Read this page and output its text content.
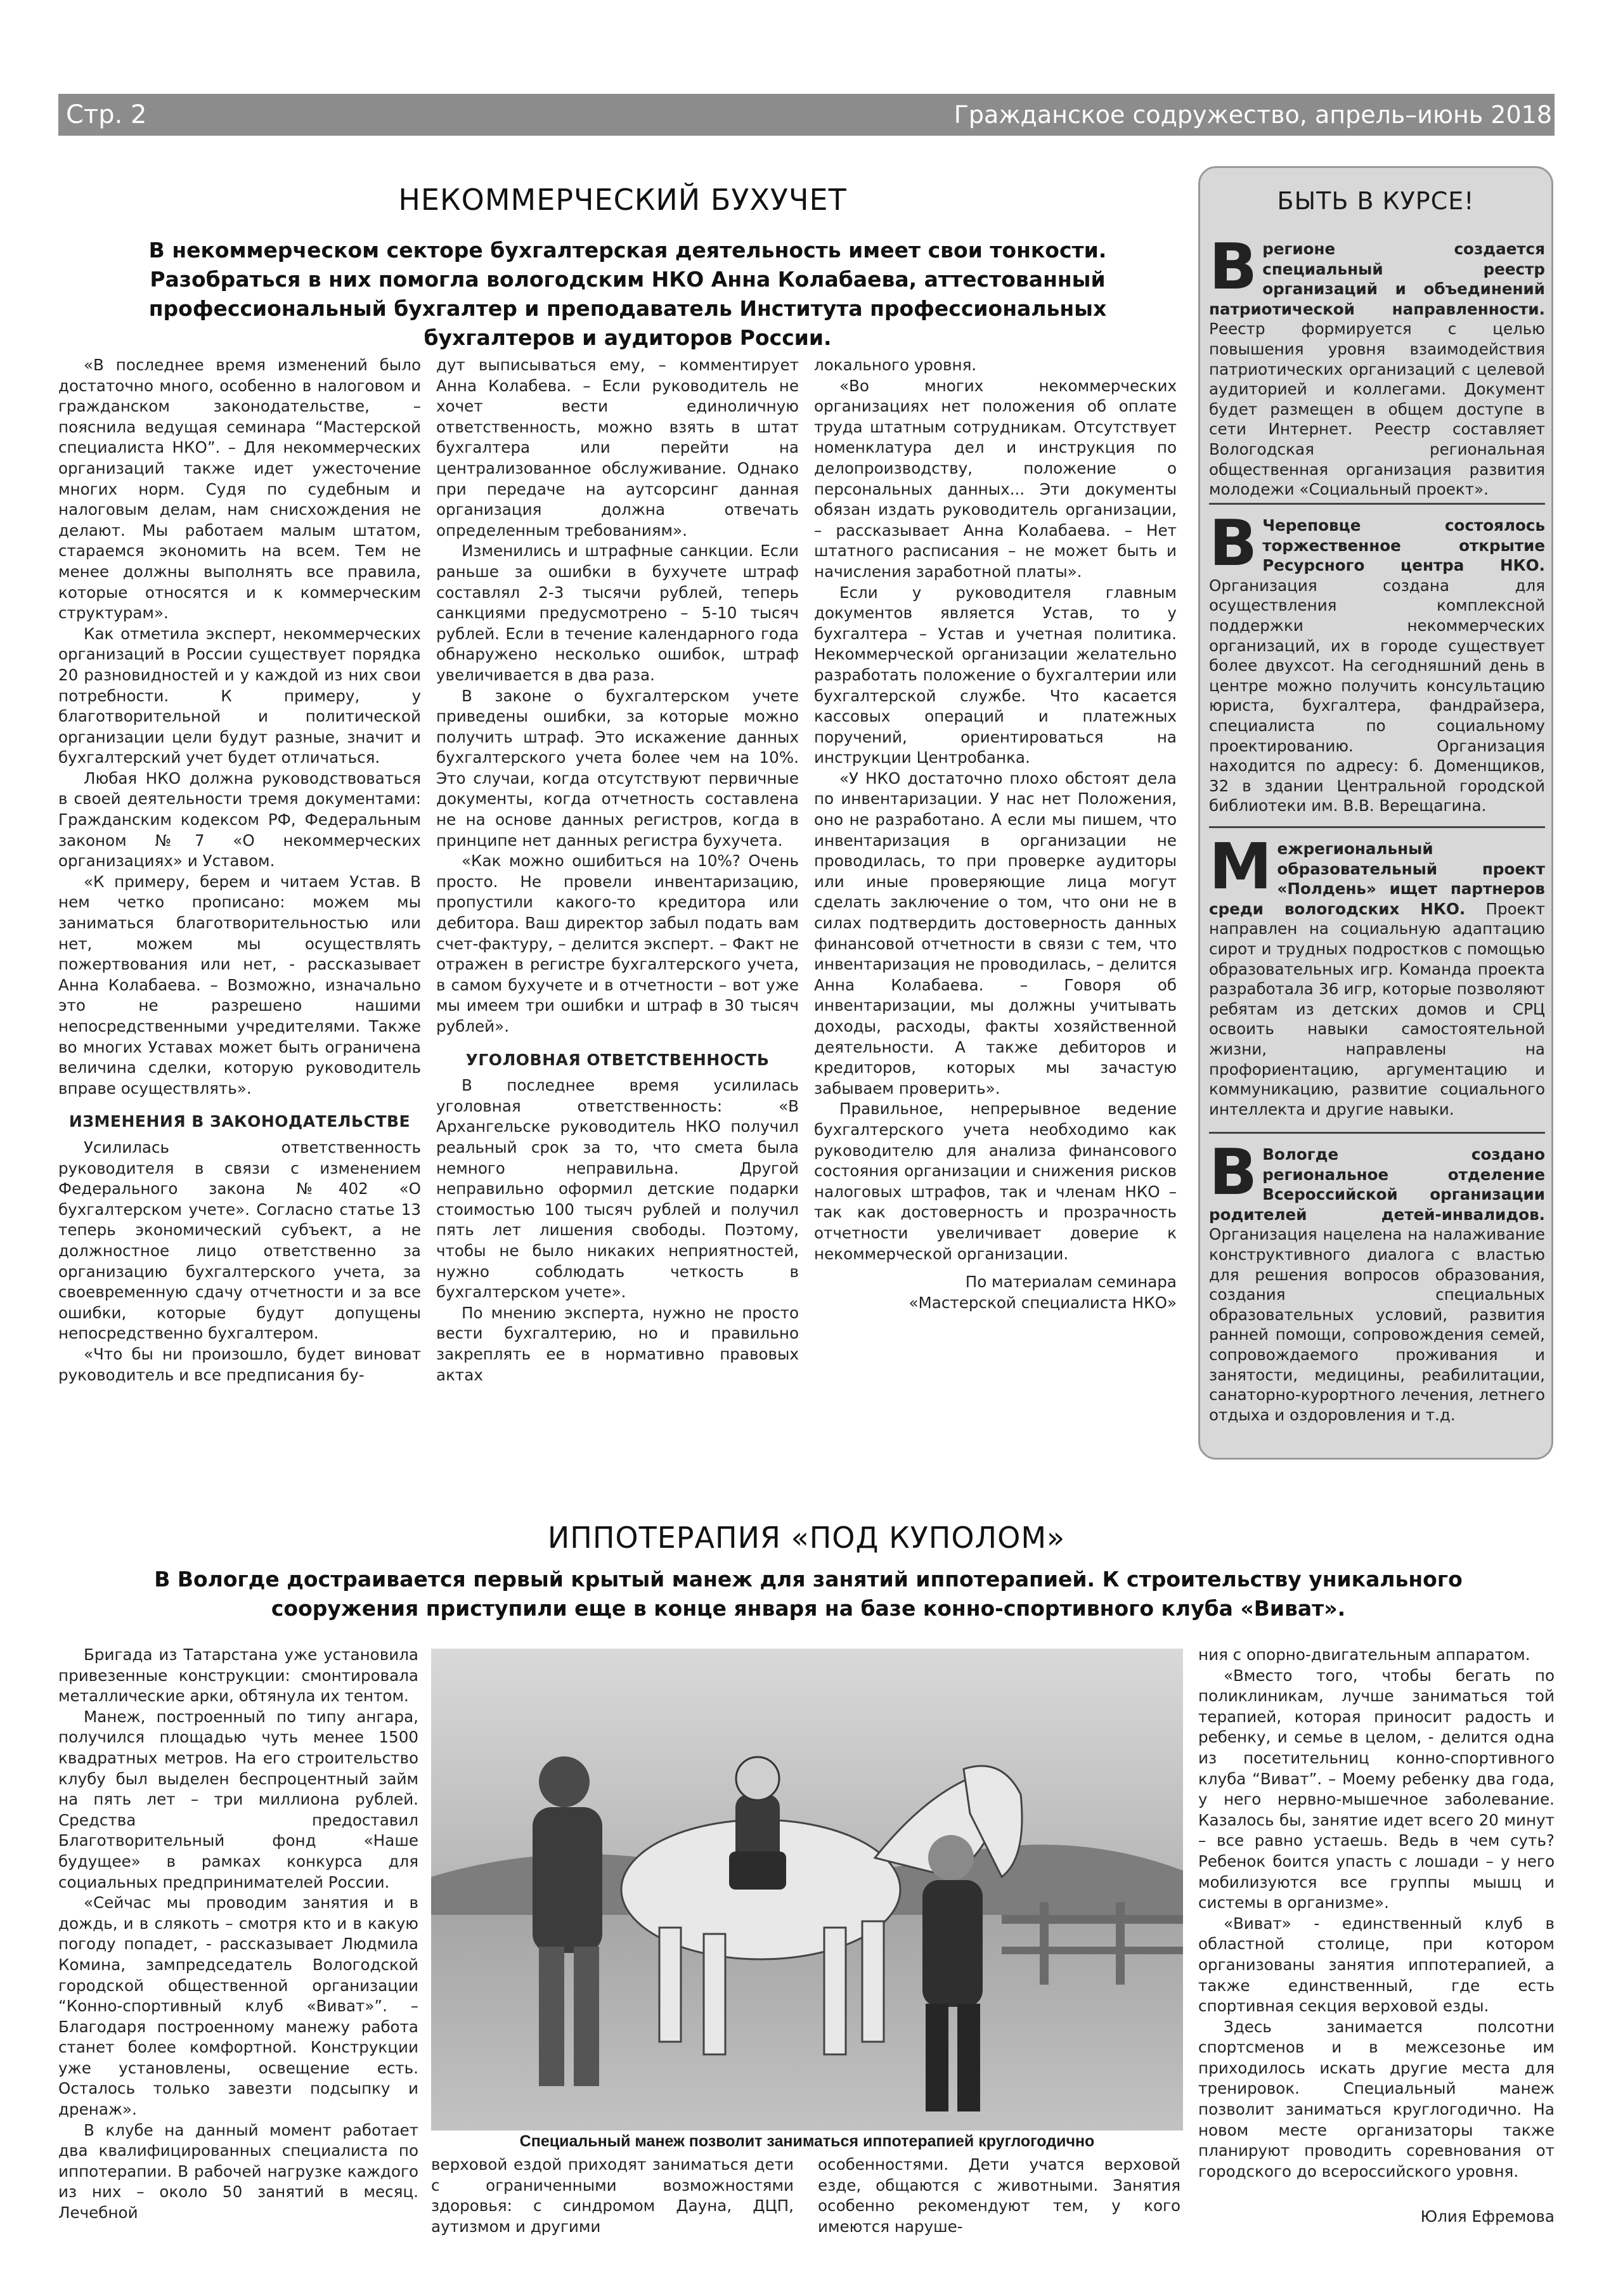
Стр. 2	Гражданское содружество, апрель–июнь 2018
НЕКОММЕРЧЕСКИЙ БУХУЧЕТ
В некоммерческом секторе бухгалтерская деятельность имеет свои тонкости. Разобраться в них помогла вологодским НКО Анна Колабаева, аттестованный профессиональный бухгалтер и преподаватель Института профессиональных бухгалтеров и аудиторов России.

«В последнее время изменений было достаточно много, особенно в налоговом и гражданском законодательстве, – пояснила ведущая семинара “Мастерской специалиста НКО”. – Для некоммерческих организаций также идет ужесточение многих норм. Судя по судебным и налоговым делам, нам снисхождения не делают. Мы работаем малым штатом, стараемся экономить на всем. Тем не менее должны выполнять все правила, которые относятся и к коммерческим структурам».

Как отметила эксперт, некоммерческих организаций в России существует порядка 20 разновидностей и у каждой из них свои потребности. К примеру, у благотворительной и политической организации цели будут разные, значит и бухгалтерский учет будет отличаться.

Любая НКО должна руководствоваться в своей деятельности тремя документами: Гражданским кодексом РФ, Федеральным законом №7 «О некоммерческих организациях» и Уставом.

«К примеру, берем и читаем Устав. В нем четко прописано: можем мы заниматься благотворительностью или нет, можем мы осуществлять пожертвования или нет, - рассказывает Анна Колабаева. – Возможно, изначально это не разрешено нашими непосредственными учредителями. Также во многих Уставах может быть ограничена величина сделки, которую руководитель вправе осуществлять».

ИЗМЕНЕНИЯ В ЗАКОНОДАТЕЛЬСТВЕ

Усилилась ответственность руководителя в связи с изменением Федерального закона №402 «О бухгалтерском учете». Согласно статье 13 теперь экономический субъект, а не должностное лицо ответственно за организацию бухгалтерского учета, за своевременную сдачу отчетности и за все ошибки, которые будут допущены непосредственно бухгалтером.

«Что бы ни произошло, будет виноват руководитель и все предписания бу-

дут выписываться ему, – комментирует Анна Колабева. – Если руководитель не хочет вести единоличную ответственность, можно взять в штат бухгалтера или перейти на централизованное обслуживание. Однако при передаче на аутсорсинг данная организация должна отвечать определенным требованиям».

Изменились и штрафные санкции. Если раньше за ошибки в бухучете штраф составлял 2-3 тысячи рублей, теперь санкциями предусмотрено – 5-10 тысяч рублей. Если в течение календарного года обнаружено несколько ошибок, штраф увеличивается в два раза.

В законе о бухгалтерском учете приведены ошибки, за которые можно получить штраф. Это искажение данных бухгалтерского учета более чем на 10%. Это случаи, когда отсутствуют первичные документы, когда отчетность составлена не на основе данных регистров, когда в принципе нет данных регистра бухучета.

«Как можно ошибиться на 10%? Очень просто. Не провели инвентаризацию, пропустили какого-то кредитора или дебитора. Ваш директор забыл подать вам счет-фактуру, – делится эксперт. – Факт не отражен в регистре бухгалтерского учета, в самом бухучете и в отчетности – вот уже мы имеем три ошибки и штраф в 30 тысяч рублей».

УГОЛОВНАЯ ОТВЕТСТВЕННОСТЬ

В последнее время усилилась уголовная ответственность: «В Архангельске руководитель НКО получил реальный срок за то, что смета была немного неправильна. Другой неправильно оформил детские подарки стоимостью 100 тысяч рублей и получил пять лет лишения свободы. Поэтому, чтобы не было никаких неприятностей, нужно соблюдать четкость в бухгалтерском учете».

По мнению эксперта, нужно не просто вести бухгалтерию, но и правильно закреплять ее в нормативно правовых актах

локального уровня.

«Во многих некоммерческих организациях нет положения об оплате труда штатным сотрудникам. Отсутствует номенклатура дел и инструкция по делопроизводству, положение о персональных данных... Эти документы обязан издать руководитель организации, – рассказывает Анна Колабаева. – Нет штатного расписания – не может быть и начисления заработной платы».

Если у руководителя главным документов является Устав, то у бухгалтера – Устав и учетная политика. Некоммерческой организации желательно разработать положение о бухгалтерии или бухгалтерской службе. Что касается кассовых операций и платежных поручений, ориентироваться на инструкции Центробанка.

«У НКО достаточно плохо обстоят дела по инвентаризации. У нас нет Положения, оно не разработано. А если мы пишем, что инвентаризация в организации не проводилась, то при проверке аудиторы или иные проверяющие лица могут сделать заключение о том, что они не в силах подтвердить достоверность данных финансовой отчетности в связи с тем, что инвентаризация не проводилась, – делится Анна Колабаева. – Говоря об инвентаризации, мы должны учитывать доходы, расходы, факты хозяйственной деятельности. А также дебиторов и кредиторов, которых мы зачастую забываем проверить».

Правильное, непрерывное ведение бухгалтерского учета необходимо как руководителю для анализа финансового состояния организации и снижения рисков налоговых штрафов, так и членам НКО – так как достоверность и прозрачность отчетности увеличивает доверие к некоммерческой организации.

По материалам семинара

«Мастерской специалиста НКО»

БЫТЬ В КУРСЕ!
В регионе создается специальный реестр организаций и объединений патриотической направленности. Реестр формируется с целью повышения уровня взаимодействия патриотических организаций с целевой аудиторией и коллегами. Документ будет размещен в общем доступе в сети Интернет. Реестр составляет Вологодская региональная общественная организация развития молодежи «Социальный проект».
В Череповце состоялось торжественное открытие Ресурсного центра НКО. Организация создана для осуществления комплексной поддержки некоммерческих организаций, их в городе существует более двухсот. На сегодняшний день в центре можно получить консультацию юриста, бухгалтера, фандрайзера, специалиста по социальному проектированию. Организация находится по адресу: б. Доменщиков, 32 в здании Центральной городской библиотеки им. В.В. Верещагина.
М ежрегиональный образовательный проект «Полдень» ищет партнеров среди вологодских НКО. Проект направлен на социальную адаптацию сирот и трудных подростков с помощью образовательных игр. Команда проекта разработала 36 игр, которые позволяют ребятам из детских домов и СРЦ освоить навыки самостоятельной жизни, направлены на профориентацию, аргументацию и коммуникацию, развитие социального интеллекта и другие навыки.
В Вологде создано региональное отделение Всероссийской организации родителей детей-инвалидов. Организация нацелена на налаживание конструктивного диалога с властью для решения вопросов образования, создания специальных образовательных условий, развития ранней помощи, сопровождения семей, сопровождаемого проживания и занятости, медицины, реабилитации, санаторно-курортного лечения, летнего отдыха и оздоровления и т.д.
ИППОТЕРАПИЯ «ПОД КУПОЛОМ»
В Вологде достраивается первый крытый манеж для занятий иппотерапией. К строительству уникального сооружения приступили еще в конце января на базе конно-спортивного клуба «Виват».

Бригада из Татарстана уже установила привезенные конструкции: смонтировала металлические арки, обтянула их тентом.

Манеж, построенный по типу ангара, получился площадью чуть менее 1500 квадратных метров. На его строительство клубу был выделен беспроцентный займ на пять лет – три миллиона рублей. Средства предоставил Благотворительный фонд «Наше будущее» в рамках конкурса для социальных предпринимателей России.

«Сейчас мы проводим занятия и в дождь, и в слякоть – смотря кто и в какую погоду попадет, - рассказывает Людмила Комина, зампредседатель Вологодской городской общественной организации “Конно-спортивный клуб «Виват»”. – Благодаря построенному манежу работа станет более комфортной. Конструкции уже установлены, освещение есть. Осталось только завезти подсыпку и дренаж».

В клубе на данный момент работает два квалифицированных специалиста по иппотерапии. В рабочей нагрузке каждого из них – около 50 занятий в месяц. Лечебной

Специальный манеж позволит заниматься иппотерапией круглогодично

верховой ездой приходят заниматься дети с ограниченными возможностями здоровья: с синдромом Дауна, ДЦП, аутизмом и другими

особенностями. Дети учатся верховой езде, общаются с животными. Занятия особенно рекомендуют тем, у кого имеются наруше-

ния с опорно-двигательным аппаратом.

«Вместо того, чтобы бегать по поликлиникам, лучше заниматься той терапией, которая приносит радость и ребенку, и семье в целом, - делится одна из посетительниц конно-спортивного клуба “Виват”. – Моему ребенку два года, у него нервно-мышечное заболевание. Казалось бы, занятие идет всего 20 минут – все равно устаешь. Ведь в чем суть? Ребенок боится упасть с лошади – у него мобилизуются все группы мышц и системы в организме».

«Виват» - единственный клуб в областной столице, при котором организованы занятия иппотерапией, а также единственный, где есть спортивная секция верховой езды.

Здесь занимается полсотни спортсменов и в межсезонье им приходилось искать другие места для тренировок. Специальный манеж позволит заниматься круглогодично. На новом месте организаторы также планируют проводить соревнования от городского до всероссийского уровня.

Юлия Ефремова
